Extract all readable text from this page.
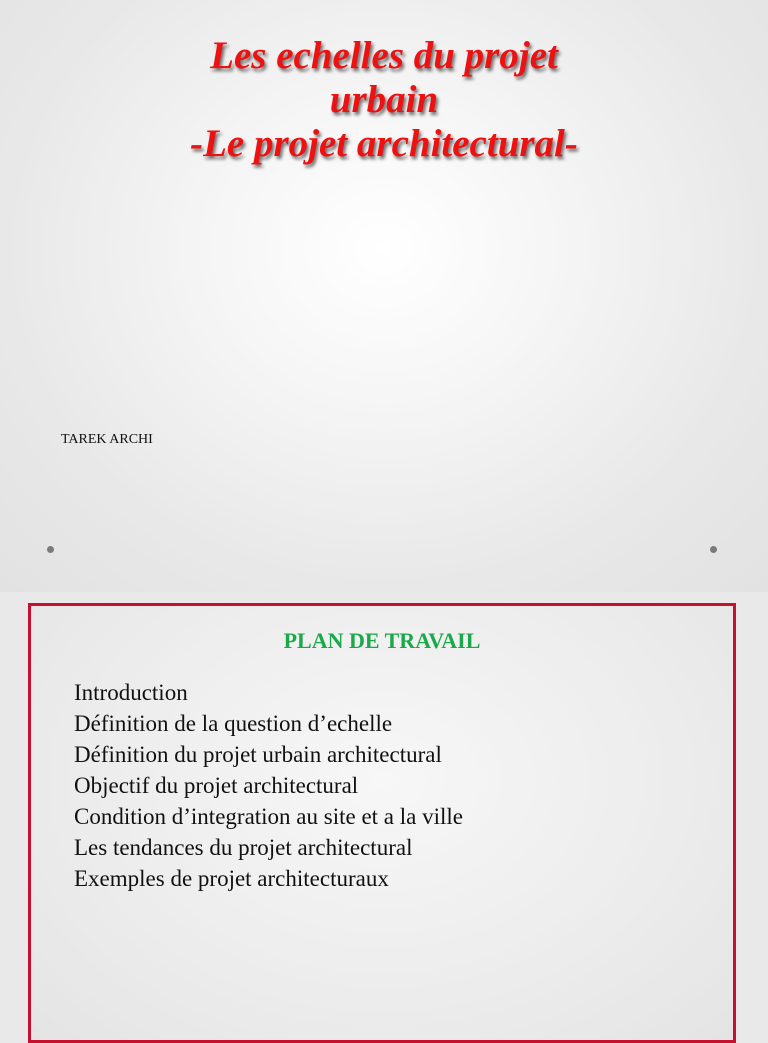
Les echelles du projet
urbain
-Le projet architectural-
TAREK ARCHI
PLAN DE TRAVAIL
Introduction
Définition de la question d’echelle
Définition du projet urbain architectural
Objectif du projet architectural
Condition d’integration au site et a la ville
Les tendances du projet architectural
Exemples de projet architecturaux
